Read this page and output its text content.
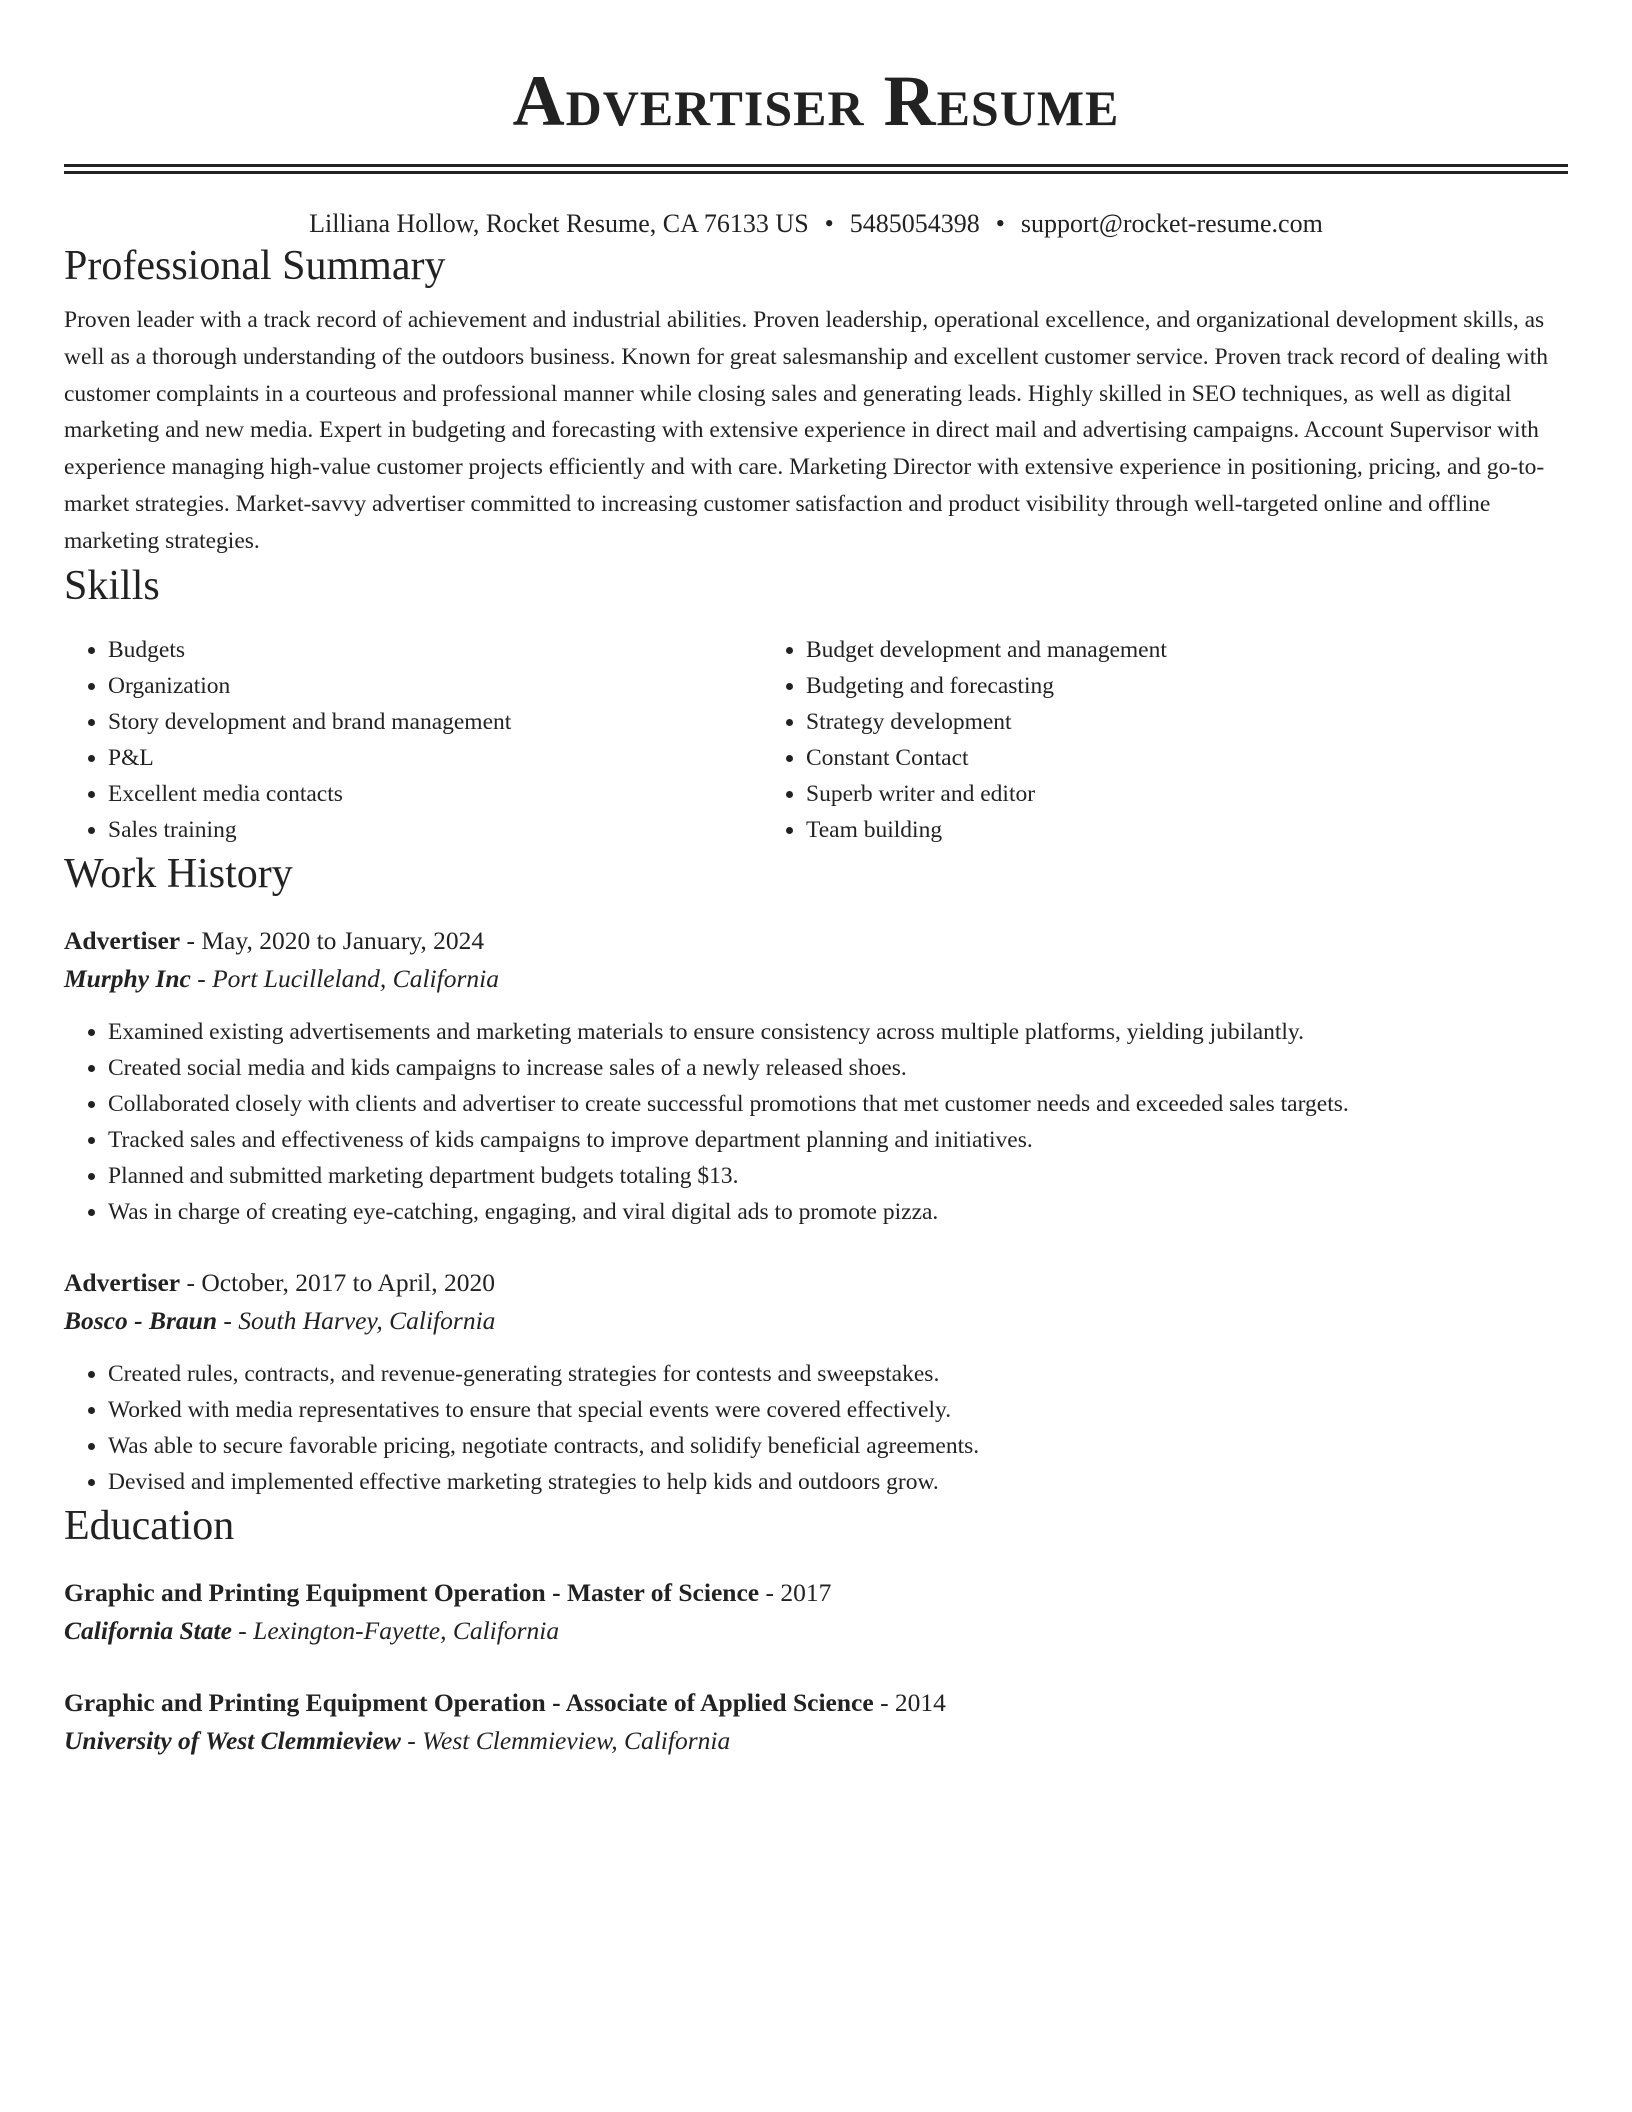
Advertiser Resume
Lilliana Hollow, Rocket Resume, CA 76133 US • 5485054398 • support@rocket-resume.com
Professional Summary

Proven leader with a track record of achievement and industrial abilities. Proven leadership, operational excellence, and organizational development skills, as well as a thorough understanding of the outdoors business. Known for great salesmanship and excellent customer service. Proven track record of dealing with customer complaints in a courteous and professional manner while closing sales and generating leads. Highly skilled in SEO techniques, as well as digital marketing and new media. Expert in budgeting and forecasting with extensive experience in direct mail and advertising campaigns. Account Supervisor with experience managing high-value customer projects efficiently and with care. Marketing Director with extensive experience in positioning, pricing, and go-to-market strategies. Market-savvy advertiser committed to increasing customer satisfaction and product visibility through well-targeted online and offline marketing strategies.

Skills
• Budgets
• Organization
• Story development and brand management
• P&L
• Excellent media contacts
• Sales training
• Budget development and management
• Budgeting and forecasting
• Strategy development
• Constant Contact
• Superb writer and editor
• Team building
Work History
Advertiser - May, 2020 to January, 2024
Murphy Inc - Port Lucilleland, California
• Examined existing advertisements and marketing materials to ensure consistency across multiple platforms, yielding jubilantly.
• Created social media and kids campaigns to increase sales of a newly released shoes.
• Collaborated closely with clients and advertiser to create successful promotions that met customer needs and exceeded sales targets.
• Tracked sales and effectiveness of kids campaigns to improve department planning and initiatives.
• Planned and submitted marketing department budgets totaling $13.
• Was in charge of creating eye-catching, engaging, and viral digital ads to promote pizza.
Advertiser - October, 2017 to April, 2020
Bosco - Braun - South Harvey, California
• Created rules, contracts, and revenue-generating strategies for contests and sweepstakes.
• Worked with media representatives to ensure that special events were covered effectively.
• Was able to secure favorable pricing, negotiate contracts, and solidify beneficial agreements.
• Devised and implemented effective marketing strategies to help kids and outdoors grow.
Education
Graphic and Printing Equipment Operation - Master of Science - 2017
California State - Lexington-Fayette, California
Graphic and Printing Equipment Operation - Associate of Applied Science - 2014
University of West Clemmieview - West Clemmieview, California
